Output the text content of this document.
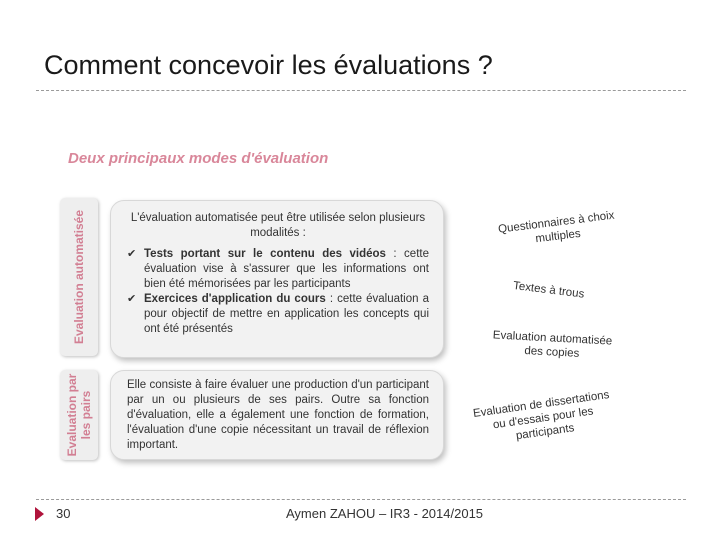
Comment concevoir les évaluations ?
Deux principaux modes d'évaluation
Evaluation automatisée	L'évaluation automatisée peut être utilisée selon plusieurs modalités :
✔ Tests portant sur le contenu des vidéos : cette évaluation vise à s'assurer que les informations ont bien été mémorisées par les participants
✔ Exercices d'application du cours : cette évaluation a pour objectif de mettre en application les concepts qui ont été présentés
Evaluation par les pairs
Elle consiste à faire évaluer une production d'un participant par un ou plusieurs de ses pairs. Outre sa fonction d'évaluation, elle a également une fonction de formation, l'évaluation d'une copie nécessitant un travail de réflexion important.
Questionnaires à choix multiples
Textes à trous
Evaluation automatisée des copies
Evaluation de dissertations ou d'essais pour les participants
30	Aymen ZAHOU – IR3 - 2014/2015
